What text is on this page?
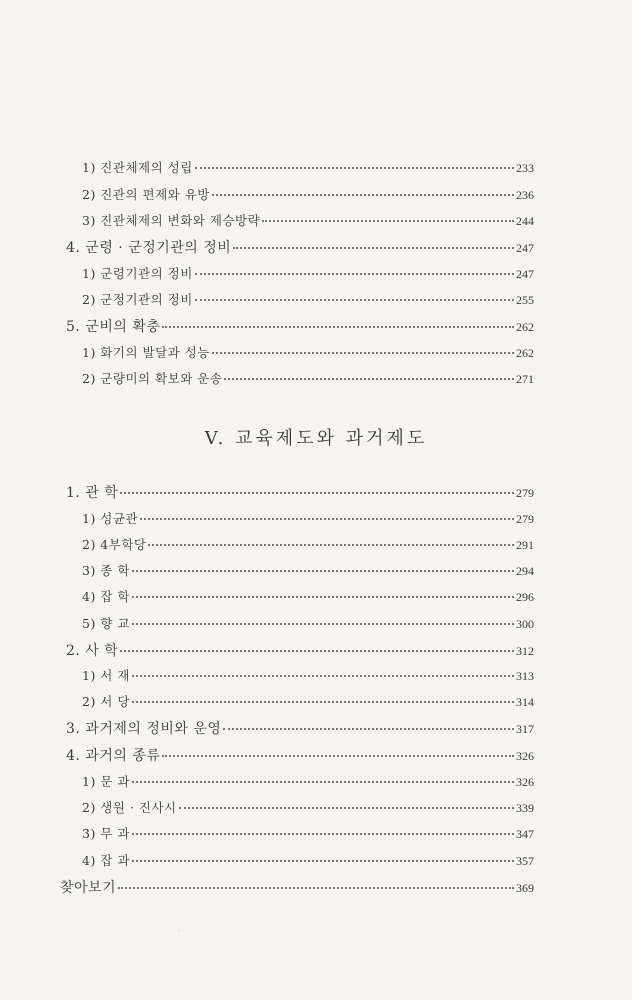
1) 진관체제의 성립	233
2) 진관의 편제와 유방	236
3) 진관체제의 변화와 제승방략	244
4. 군령 · 군정기관의 정비	247
1) 군령기관의 정비	247
2) 군정기관의 정비	255
5. 군비의 확충	262
1) 화기의 발달과 성능	262
2) 군량미의 확보와 운송	271
V. 교육제도와 과거제도
1. 관 학	279
1) 성균관	279
2) 4부학당	291
3) 종 학	294
4) 잡 학	296
5) 향 교	300
2. 사 학	312
1) 서 재	313
2) 서 당	314
3. 과거제의 정비와 운영	317
4. 과거의 종류	326
1) 문 과	326
2) 생원 · 진사시	339
3) 무 과	347
4) 잡 과	357
찾아보기	369
·
